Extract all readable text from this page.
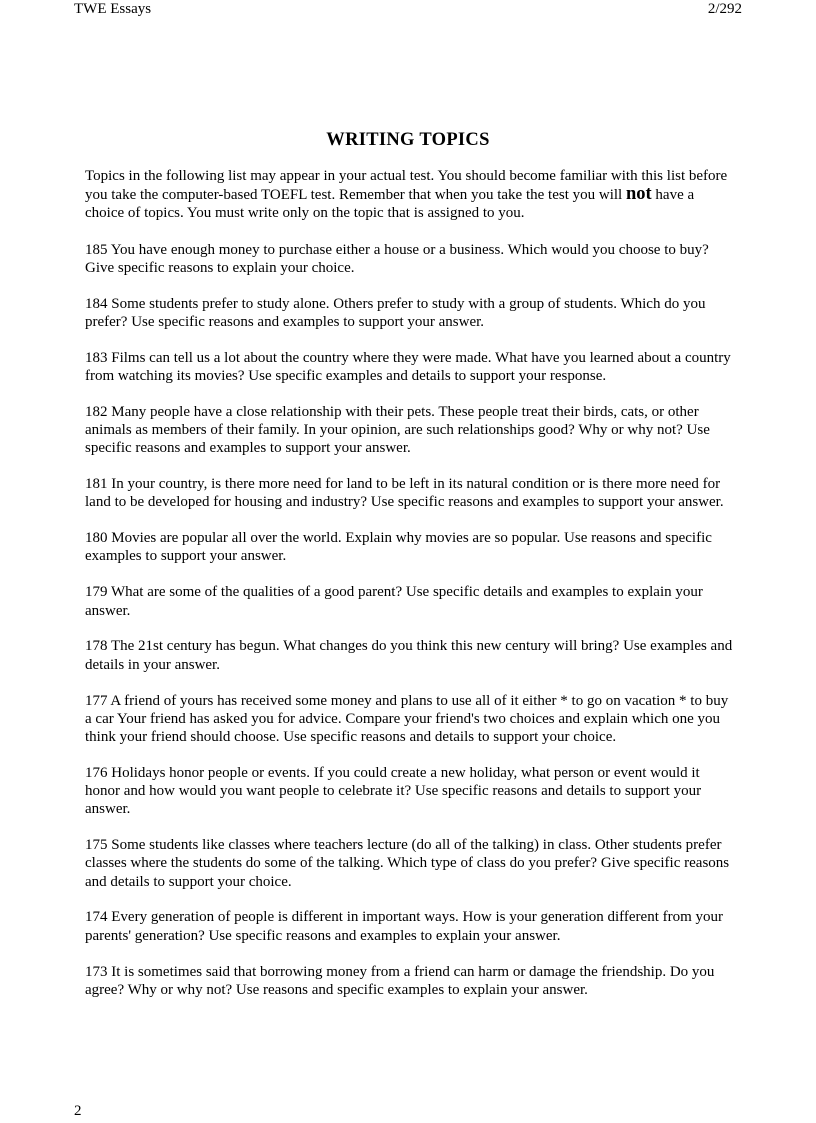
TWE Essays	2/292
WRITING TOPICS

Topics in the following list may appear in your actual test. You should become familiar with this list before you take the computer-based TOEFL test. Remember that when you take the test you will not have a choice of topics. You must write only on the topic that is assigned to you.

185 You have enough money to purchase either a house or a business. Which would you choose to buy? Give specific reasons to explain your choice.

184 Some students prefer to study alone. Others prefer to study with a group of students. Which do you prefer? Use specific reasons and examples to support your answer.

183 Films can tell us a lot about the country where they were made. What have you learned about a country from watching its movies? Use specific examples and details to support your response.

182 Many people have a close relationship with their pets. These people treat their birds, cats, or other animals as members of their family. In your opinion, are such relationships good? Why or why not? Use specific reasons and examples to support your answer.

181 In your country, is there more need for land to be left in its natural condition or is there more need for land to be developed for housing and industry? Use specific reasons and examples to support your answer.

180 Movies are popular all over the world. Explain why movies are so popular. Use reasons and specific examples to support your answer.

179 What are some of the qualities of a good parent? Use specific details and examples to explain your answer.

178 The 21st century has begun. What changes do you think this new century will bring? Use examples and details in your answer.

177 A friend of yours has received some money and plans to use all of it either * to go on vacation * to buy a car Your friend has asked you for advice. Compare your friend's two choices and explain which one you think your friend should choose. Use specific reasons and details to support your choice.

176 Holidays honor people or events. If you could create a new holiday, what person or event would it honor and how would you want people to celebrate it? Use specific reasons and details to support your answer.

175 Some students like classes where teachers lecture (do all of the talking) in class. Other students prefer classes where the students do some of the talking. Which type of class do you prefer? Give specific reasons and details to support your choice.

174 Every generation of people is different in important ways. How is your generation different from your parents' generation? Use specific reasons and examples to explain your answer.

173 It is sometimes said that borrowing money from a friend can harm or damage the friendship. Do you agree? Why or why not? Use reasons and specific examples to explain your answer.

2
